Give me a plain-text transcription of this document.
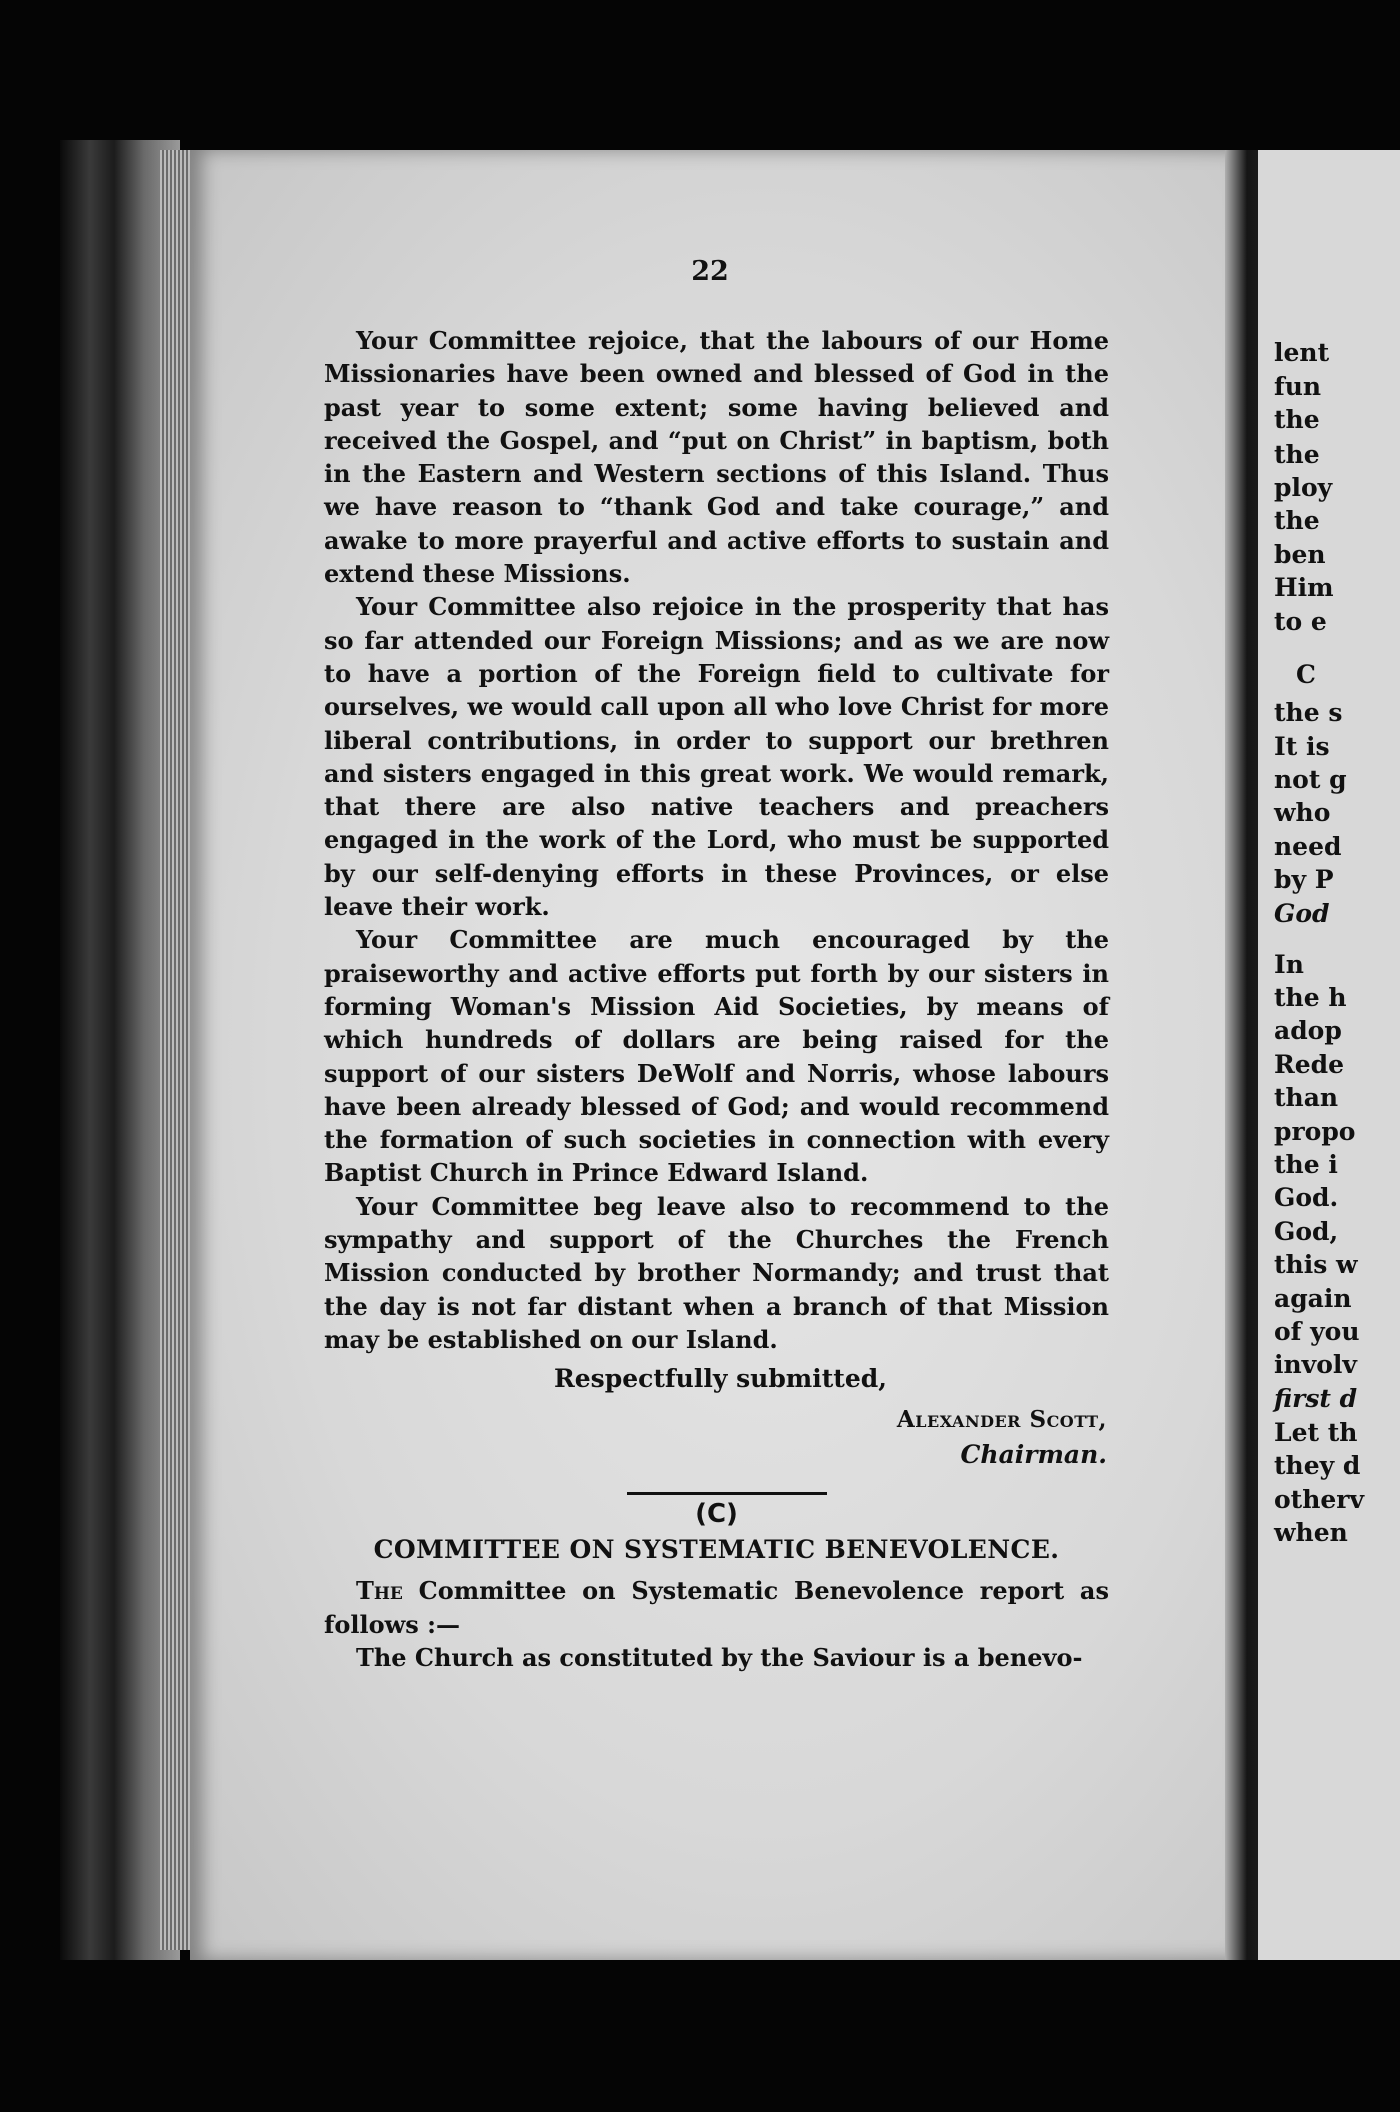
22

Your Committee rejoice, that the labours of our Home Missionaries have been owned and blessed of God in the past year to some extent; some having believed and received the Gospel, and “put on Christ” in baptism, both in the Eastern and Western sections of this Island. Thus we have reason to “thank God and take courage,” and awake to more prayerful and active efforts to sustain and extend these Missions.

Your Committee also rejoice in the prosperity that has so far attended our Foreign Missions; and as we are now to have a portion of the Foreign field to cultivate for ourselves, we would call upon all who love Christ for more liberal contributions, in order to support our brethren and sisters engaged in this great work. We would remark, that there are also native teachers and preachers engaged in the work of the Lord, who must be supported by our self-denying efforts in these Provinces, or else leave their work.

Your Committee are much encouraged by the praiseworthy and active efforts put forth by our sisters in forming Woman's Mission Aid Societies, by means of which hundreds of dollars are being raised for the support of our sisters DeWolf and Norris, whose labours have been already blessed of God; and would recommend the formation of such societies in connection with every Baptist Church in Prince Edward Island.

Your Committee beg leave also to recommend to the sympathy and support of the Churches the French Mission conducted by brother Normandy; and trust that the day is not far distant when a branch of that Mission may be established on our Island.

Respectfully submitted,
Alexander Scott,
Chairman.
(C)
COMMITTEE ON SYSTEMATIC BENEVOLENCE.

The Committee on Systematic Benevolence report as follows :—

The Church as constituted by the Saviour is a benevo-

lent
fun
the
the
ploy
the
ben
Him
to e
C
the s
It is
not g
who
need
by P
God
In
the h
adop
Rede
than
propo
the i
God.
God,
this w
again
of you
involv
first d
Let th
they d
otherv
when
